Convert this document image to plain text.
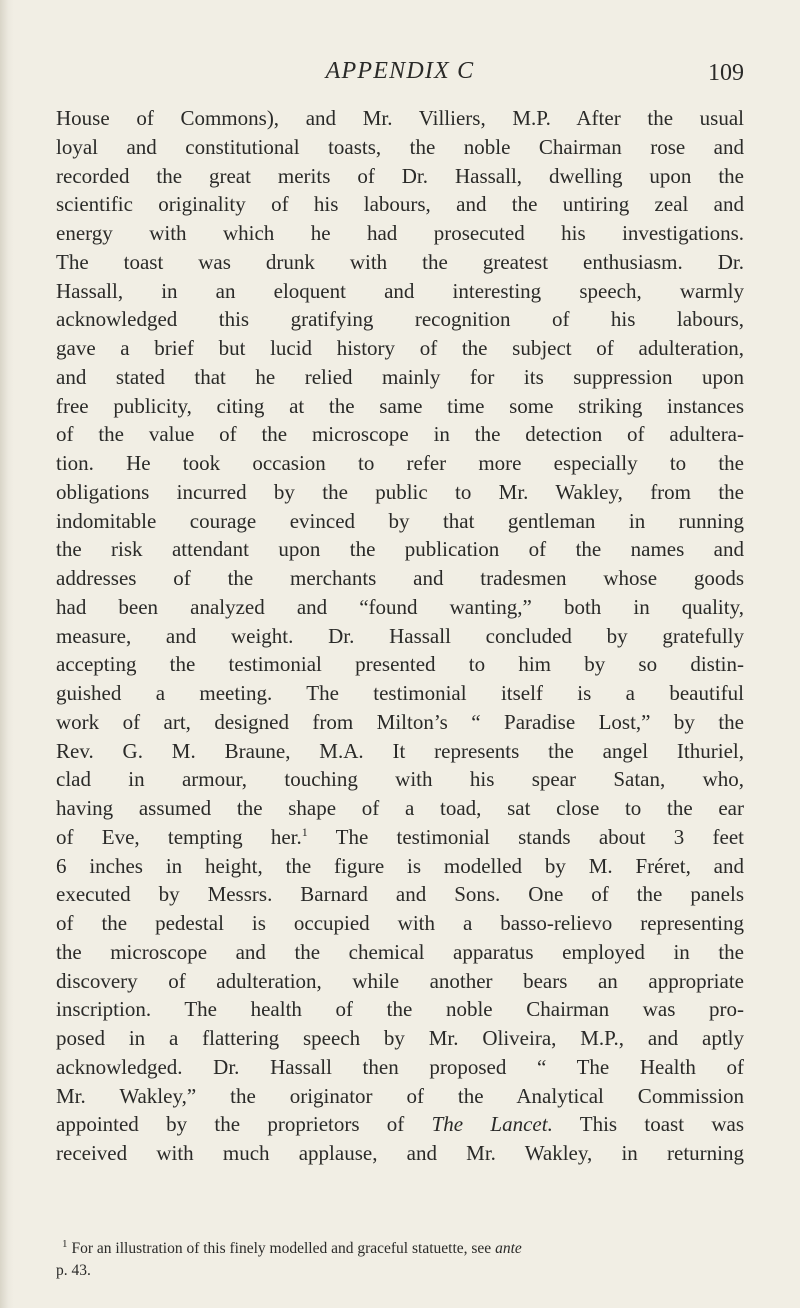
APPENDIX C	109
House of Commons), and Mr. Villiers, M.P. After the usual
loyal and constitutional toasts, the noble Chairman rose and
recorded the great merits of Dr. Hassall, dwelling upon the
scientific originality of his labours, and the untiring zeal and
energy with which he had prosecuted his investigations.
The toast was drunk with the greatest enthusiasm. Dr.
Hassall, in an eloquent and interesting speech, warmly
acknowledged this gratifying recognition of his labours,
gave a brief but lucid history of the subject of adulteration,
and stated that he relied mainly for its suppression upon
free publicity, citing at the same time some striking instances
of the value of the microscope in the detection of adultera-
tion. He took occasion to refer more especially to the
obligations incurred by the public to Mr. Wakley, from the
indomitable courage evinced by that gentleman in running
the risk attendant upon the publication of the names and
addresses of the merchants and tradesmen whose goods
had been analyzed and “found wanting,” both in quality,
measure, and weight. Dr. Hassall concluded by gratefully
accepting the testimonial presented to him by so distin-
guished a meeting. The testimonial itself is a beautiful
work of art, designed from Milton’s “ Paradise Lost,” by the
Rev. G. M. Braune, M.A. It represents the angel Ithuriel,
clad in armour, touching with his spear Satan, who,
having assumed the shape of a toad, sat close to the ear
of Eve, tempting her.$^1$ The testimonial stands about 3 feet
6 inches in height, the figure is modelled by M. Fréret, and
executed by Messrs. Barnard and Sons. One of the panels
of the pedestal is occupied with a basso-relievo representing
the microscope and the chemical apparatus employed in the
discovery of adulteration, while another bears an appropriate
inscription. The health of the noble Chairman was pro-
posed in a flattering speech by Mr. Oliveira, M.P., and aptly
acknowledged. Dr. Hassall then proposed “ The Health of
Mr. Wakley,” the originator of the Analytical Commission
appointed by the proprietors of The Lancet. This toast was
received with much applause, and Mr. Wakley, in returning
$^1$ For an illustration of this finely modelled and graceful statuette, see ante
p. 43.
